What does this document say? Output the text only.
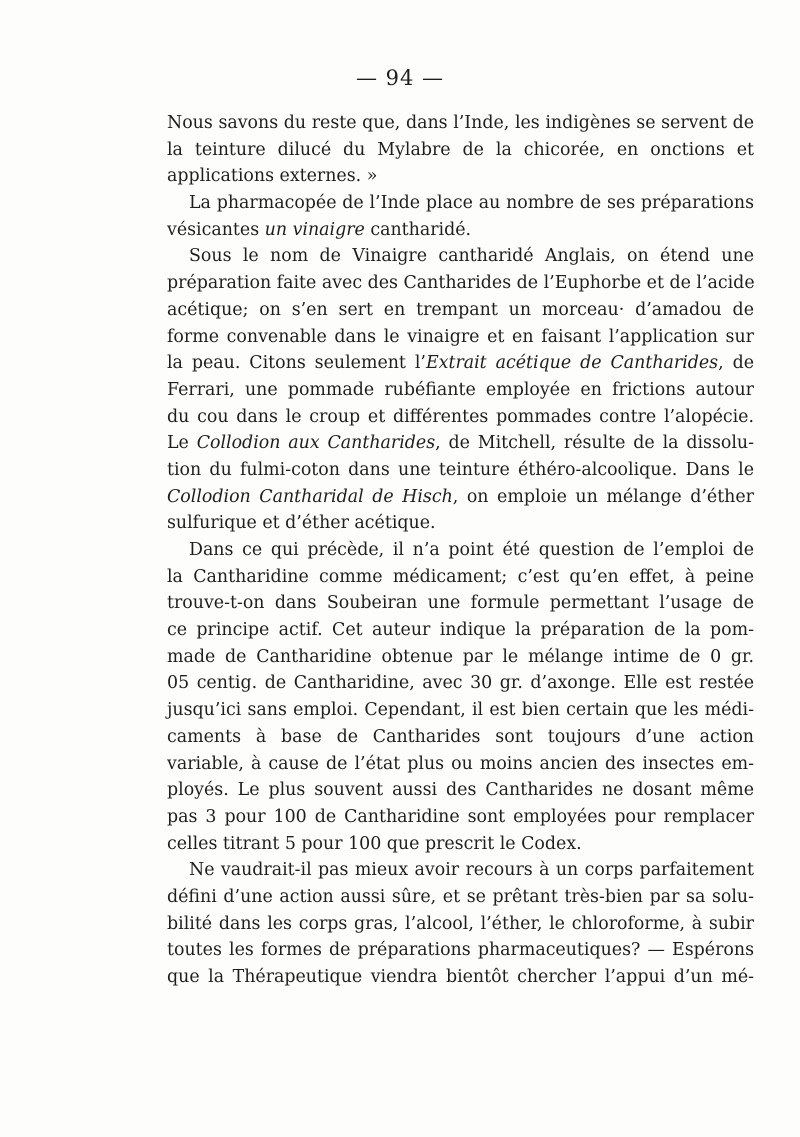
— 94 —
Nous savons du reste que, dans l’Inde, les indigènes se servent de
la teinture dilucé du Mylabre de la chicorée, en onctions et
applications externes. »
La pharmacopée de l’Inde place au nombre de ses préparations
vésicantes un vinaigre cantharidé.
Sous le nom de Vinaigre cantharidé Anglais, on étend une
préparation faite avec des Cantharides de l’Euphorbe et de l’acide
acétique; on s’en sert en trempant un morceau· d’amadou de
forme convenable dans le vinaigre et en faisant l’application sur
la peau. Citons seulement l’Extrait acétique de Cantharides, de
Ferrari, une pommade rubéfiante employée en frictions autour
du cou dans le croup et différentes pommades contre l’alopécie.
Le Collodion aux Cantharides, de Mitchell, résulte de la dissolu-
tion du fulmi-coton dans une teinture éthéro-alcoolique. Dans le
Collodion Cantharidal de Hisch, on emploie un mélange d’éther
sulfurique et d’éther acétique.
Dans ce qui précède, il n’a point été question de l’emploi de
la Cantharidine comme médicament; c’est qu’en effet, à peine
trouve-t-on dans Soubeiran une formule permettant l’usage de
ce principe actif. Cet auteur indique la préparation de la pom-
made de Cantharidine obtenue par le mélange intime de 0 gr.
05 centig. de Cantharidine, avec 30 gr. d’axonge. Elle est restée
jusqu’ici sans emploi. Cependant, il est bien certain que les médi-
caments à base de Cantharides sont toujours d’une action
variable, à cause de l’état plus ou moins ancien des insectes em-
ployés. Le plus souvent aussi des Cantharides ne dosant même
pas 3 pour 100 de Cantharidine sont employées pour remplacer
celles titrant 5 pour 100 que prescrit le Codex.
Ne vaudrait-il pas mieux avoir recours à un corps parfaitement
défini d’une action aussi sûre, et se prêtant très-bien par sa solu-
bilité dans les corps gras, l’alcool, l’éther, le chloroforme, à subir
toutes les formes de préparations pharmaceutiques? — Espérons
que la Thérapeutique viendra bientôt chercher l’appui d’un mé-
